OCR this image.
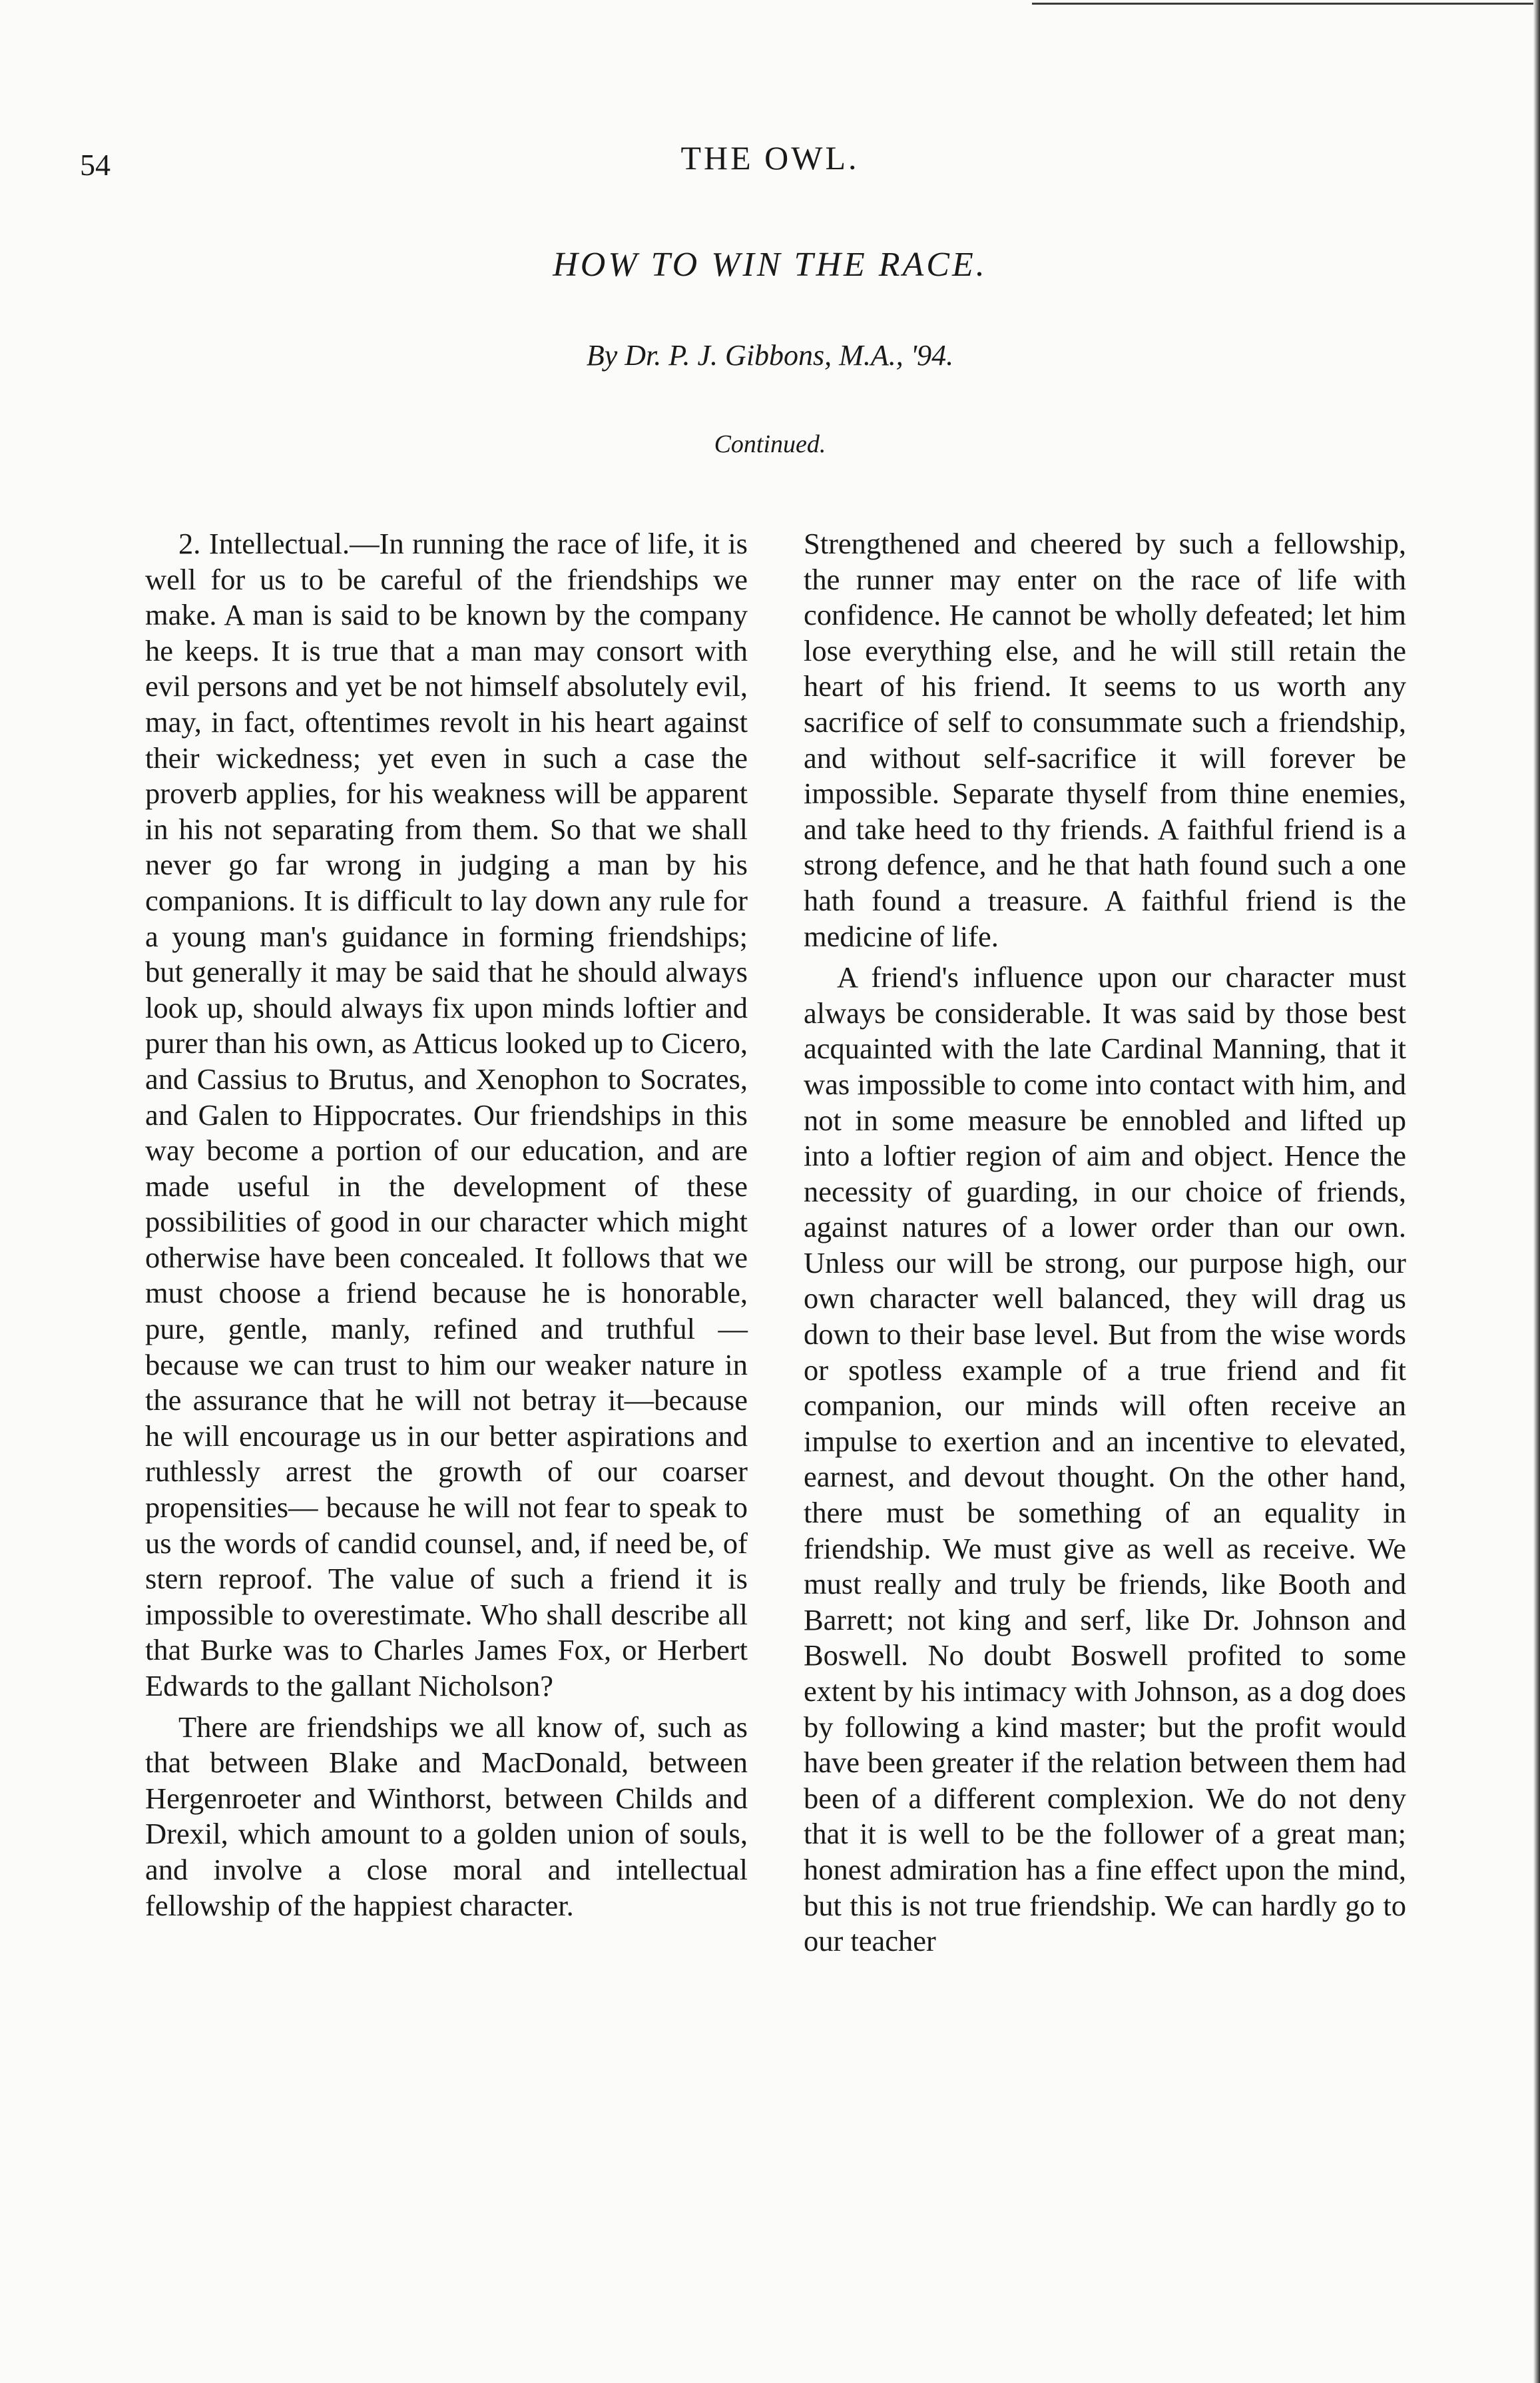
54	THE OWL.
HOW TO WIN THE RACE.
By Dr. P. J. Gibbons, M.A., '94.
Continued.

2. Intellectual.—In running the race of life, it is well for us to be careful of the friendships we make. A man is said to be known by the company he keeps. It is true that a man may consort with evil persons and yet be not himself absolutely evil, may, in fact, oftentimes revolt in his heart against their wickedness; yet even in such a case the proverb applies, for his weakness will be apparent in his not separating from them. So that we shall never go far wrong in judging a man by his companions. It is difficult to lay down any rule for a young man's guidance in forming friendships; but generally it may be said that he should always look up, should always fix upon minds loftier and purer than his own, as Atticus looked up to Cicero, and Cassius to Brutus, and Xenophon to Socrates, and Galen to Hippocrates. Our friendships in this way become a portion of our education, and are made useful in the development of these possibilities of good in our character which might otherwise have been concealed. It follows that we must choose a friend because he is honorable, pure, gentle, manly, refined and truthful —because we can trust to him our weaker nature in the assurance that he will not betray it—because he will encourage us in our better aspirations and ruthlessly arrest the growth of our coarser propensities— because he will not fear to speak to us the words of candid counsel, and, if need be, of stern reproof. The value of such a friend it is impossible to overestimate. Who shall describe all that Burke was to Charles James Fox, or Herbert Edwards to the gallant Nicholson?

There are friendships we all know of, such as that between Blake and MacDonald, between Hergenroeter and Winthorst, between Childs and Drexil, which amount to a golden union of souls, and involve a close moral and intellectual fellowship of the happiest character.

Strengthened and cheered by such a fellowship, the runner may enter on the race of life with confidence. He cannot be wholly defeated; let him lose everything else, and he will still retain the heart of his friend. It seems to us worth any sacrifice of self to consummate such a friendship, and without self-sacrifice it will forever be impossible. Separate thyself from thine enemies, and take heed to thy friends. A faithful friend is a strong defence, and he that hath found such a one hath found a treasure. A faithful friend is the medicine of life.

A friend's influence upon our character must always be considerable. It was said by those best acquainted with the late Cardinal Manning, that it was impossible to come into contact with him, and not in some measure be ennobled and lifted up into a loftier region of aim and object. Hence the necessity of guarding, in our choice of friends, against natures of a lower order than our own. Unless our will be strong, our purpose high, our own character well balanced, they will drag us down to their base level. But from the wise words or spotless example of a true friend and fit companion, our minds will often receive an impulse to exertion and an incentive to elevated, earnest, and devout thought. On the other hand, there must be something of an equality in friendship. We must give as well as receive. We must really and truly be friends, like Booth and Barrett; not king and serf, like Dr. Johnson and Boswell. No doubt Boswell profited to some extent by his intimacy with Johnson, as a dog does by following a kind master; but the profit would have been greater if the relation between them had been of a different complexion. We do not deny that it is well to be the follower of a great man; honest admiration has a fine effect upon the mind, but this is not true friendship. We can hardly go to our teacher
